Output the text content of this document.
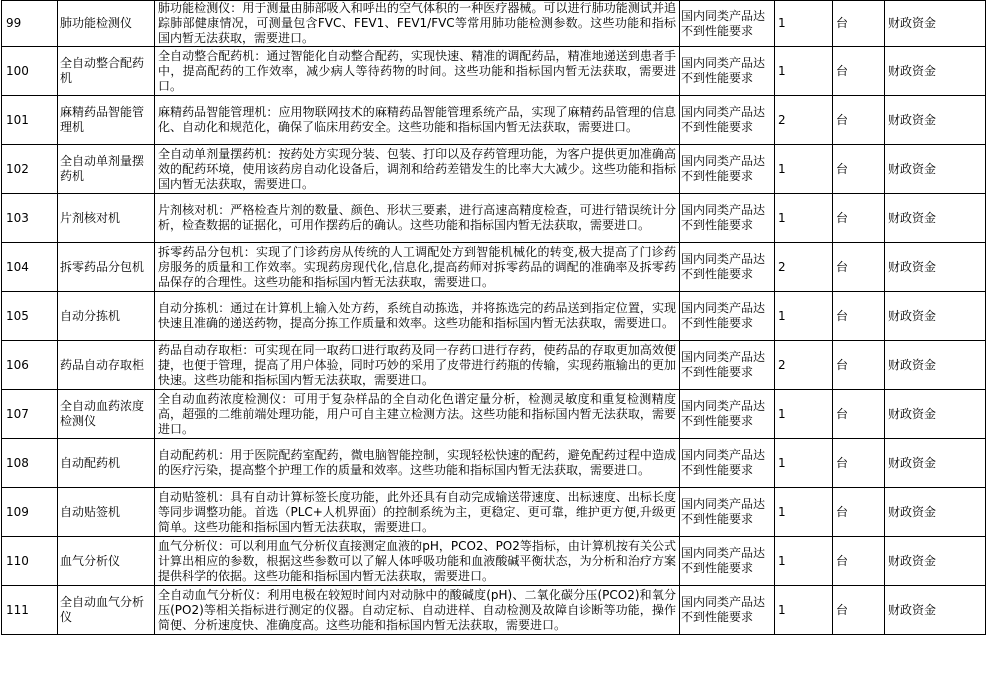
99	肺功能检测仪	肺功能检测仪：用于测量由肺部吸入和呼出的空气体积的一种医疗器械。可以进行肺功能测试并追踪肺部健康情况，可测量包含FVC、FEV1、FEV1/FVC等常用肺功能检测参数。这些功能和指标国内暂无法获取，需要进口。	国内同类产品达不到性能要求	1	台	财政资金
100	全自动整合配药机	全自动整合配药机：通过智能化自动整合配药，实现快速、精准的调配药品，精准地递送到患者手中，提高配药的工作效率，减少病人等待药物的时间。这些功能和指标国内暂无法获取，需要进口。	国内同类产品达不到性能要求	1	台	财政资金
101	麻精药品智能管理机	麻精药品智能管理机：应用物联网技术的麻精药品智能管理系统产品，实现了麻精药品管理的信息化、自动化和规范化，确保了临床用药安全。这些功能和指标国内暂无法获取，需要进口。	国内同类产品达不到性能要求	2	台	财政资金
102	全自动单剂量摆药机	全自动单剂量摆药机：按药处方实现分装、包装、打印以及存药管理功能，为客户提供更加准确高效的配药环境，使用该药房自动化设备后，调剂和给药差错发生的比率大大减少。这些功能和指标国内暂无法获取，需要进口。	国内同类产品达不到性能要求	1	台	财政资金
103	片剂核对机	片剂核对机：严格检查片剂的数量、颜色、形状三要素，进行高速高精度检查，可进行错误统计分析，检查数据的证据化，可用作摆药后的确认。这些功能和指标国内暂无法获取，需要进口。	国内同类产品达不到性能要求	1	台	财政资金
104	拆零药品分包机	拆零药品分包机：实现了门诊药房从传统的人工调配处方到智能机械化的转变,极大提高了门诊药房服务的质量和工作效率。实现药房现代化,信息化,提高药师对拆零药品的调配的准确率及拆零药品保存的合理性。这些功能和指标国内暂无法获取，需要进口。	国内同类产品达不到性能要求	2	台	财政资金
105	自动分拣机	自动分拣机：通过在计算机上输入处方药，系统自动拣选，并将拣选完的药品送到指定位置，实现快速且准确的递送药物，提高分拣工作质量和效率。这些功能和指标国内暂无法获取，需要进口。	国内同类产品达不到性能要求	1	台	财政资金
106	药品自动存取柜	药品自动存取柜：可实现在同一取药口进行取药及同一存药口进行存药，使药品的存取更加高效便捷，也便于管理，提高了用户体验，同时巧妙的采用了皮带进行药瓶的传输，实现药瓶输出的更加快速。这些功能和指标国内暂无法获取，需要进口。	国内同类产品达不到性能要求	2	台	财政资金
107	全自动血药浓度检测仪	全自动血药浓度检测仪：可用于复杂样品的全自动化色谱定量分析，检测灵敏度和重复检测精度高，超强的二维前端处理功能，用户可自主建立检测方法。这些功能和指标国内暂无法获取，需要进口。	国内同类产品达不到性能要求	1	台	财政资金
108	自动配药机	自动配药机：用于医院配药室配药，微电脑智能控制，实现轻松快速的配药，避免配药过程中造成的医疗污染，提高整个护理工作的质量和效率。这些功能和指标国内暂无法获取，需要进口。	国内同类产品达不到性能要求	1	台	财政资金
109	自动贴签机	自动贴签机：具有自动计算标签长度功能，此外还具有自动完成输送带速度、出标速度、出标长度等同步调整功能。首选（PLC+人机界面）的控制系统为主，更稳定、更可靠，维护更方便,升级更简单。这些功能和指标国内暂无法获取，需要进口。	国内同类产品达不到性能要求	1	台	财政资金
110	血气分析仪	血气分析仪：可以利用血气分析仪直接测定血液的pH，PCO2、PO2等指标，由计算机按有关公式计算出相应的参数，根据这些参数可以了解人体呼吸功能和血液酸碱平衡状态，为分析和治疗方案提供科学的依据。这些功能和指标国内暂无法获取，需要进口。	国内同类产品达不到性能要求	1	台	财政资金
111	全自动血气分析仪	全自动血气分析仪：利用电极在较短时间内对动脉中的酸碱度(pH)、二氧化碳分压(PCO2)和氧分压(PO2)等相关指标进行测定的仪器。自动定标、自动进样、自动检测及故障自诊断等功能，操作简便、分析速度快、准确度高。这些功能和指标国内暂无法获取，需要进口。	国内同类产品达不到性能要求	1	台	财政资金
